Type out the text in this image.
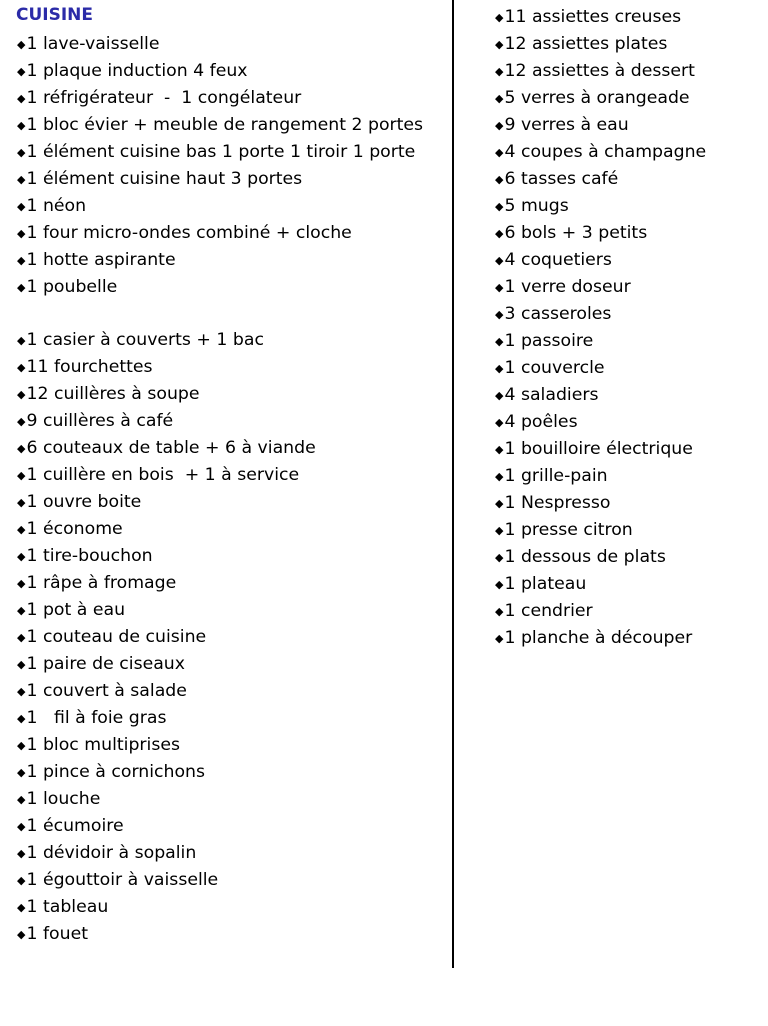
CUISINE
◆1 lave-vaisselle
◆1 plaque induction 4 feux
◆1 réfrigérateur  -  1 congélateur
◆1 bloc évier + meuble de rangement 2 portes
◆1 élément cuisine bas 1 porte 1 tiroir 1 porte
◆1 élément cuisine haut 3 portes
◆1 néon
◆1 four micro-ondes combiné + cloche
◆1 hotte aspirante
◆1 poubelle
◆1 casier à couverts + 1 bac
◆11 fourchettes
◆12 cuillères à soupe
◆9 cuillères à café
◆6 couteaux de table + 6 à viande
◆1 cuillère en bois  + 1 à service
◆1 ouvre boite
◆1 économe
◆1 tire-bouchon
◆1 râpe à fromage
◆1 pot à eau
◆1 couteau de cuisine
◆1 paire de ciseaux
◆1 couvert à salade
◆1   fil à foie gras
◆1 bloc multiprises
◆1 pince à cornichons
◆1 louche
◆1 écumoire
◆1 dévidoir à sopalin
◆1 égouttoir à vaisselle
◆1 tableau
◆1 fouet
◆11 assiettes creuses
◆12 assiettes plates
◆12 assiettes à dessert
◆5 verres à orangeade
◆9 verres à eau
◆4 coupes à champagne
◆6 tasses café
◆5 mugs
◆6 bols + 3 petits
◆4 coquetiers
◆1 verre doseur
◆3 casseroles
◆1 passoire
◆1 couvercle
◆4 saladiers
◆4 poêles
◆1 bouilloire électrique
◆1 grille-pain
◆1 Nespresso
◆1 presse citron
◆1 dessous de plats
◆1 plateau
◆1 cendrier
◆1 planche à découper
